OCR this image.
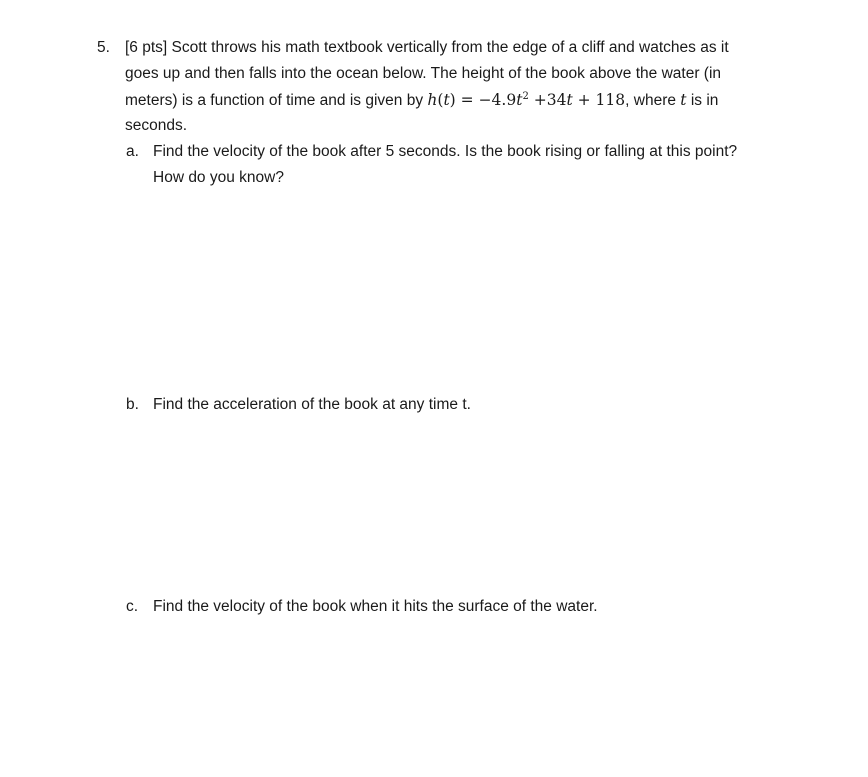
5. [6 pts] Scott throws his math textbook vertically from the edge of a cliff and watches as it
goes up and then falls into the ocean below. The height of the book above the water (in
meters) is a function of time and is given by $h(t) = -4.9t^2 +34t + 118$, where t is in
seconds.
a. Find the velocity of the book after 5 seconds. Is the book rising or falling at this point?
How do you know?
b. Find the acceleration of the book at any time t.
c. Find the velocity of the book when it hits the surface of the water.
